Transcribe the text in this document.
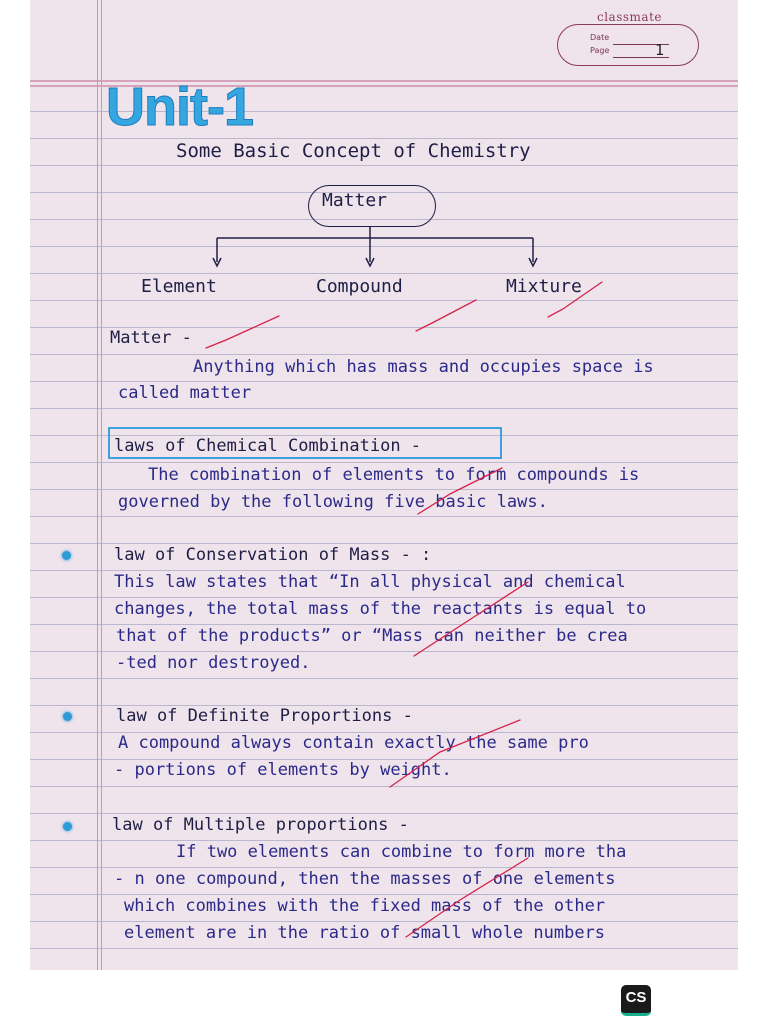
classmate
Date
Page	1
Unit-1
Some Basic Concept of Chemistry
Matter
Element	Compound	Mixture
Matter -
Anything which has mass and occupies space is
called matter
laws of Chemical Combination -
The combination of elements to form compounds is
governed by the following five basic laws.
law of Conservation of Mass - :
This law states that “In all physical and chemical
changes, the total mass of the reactants is equal to
that of the products” or “Mass can neither be crea
-ted nor destroyed.
law of Definite Proportions -
A compound always contain exactly the same pro
- portions of elements by weight.
law of Multiple proportions -
If two elements can combine to form more tha
- n one compound, then the masses of one elements
which combines with the fixed mass of the other
element are in the ratio of small whole numbers
CS
